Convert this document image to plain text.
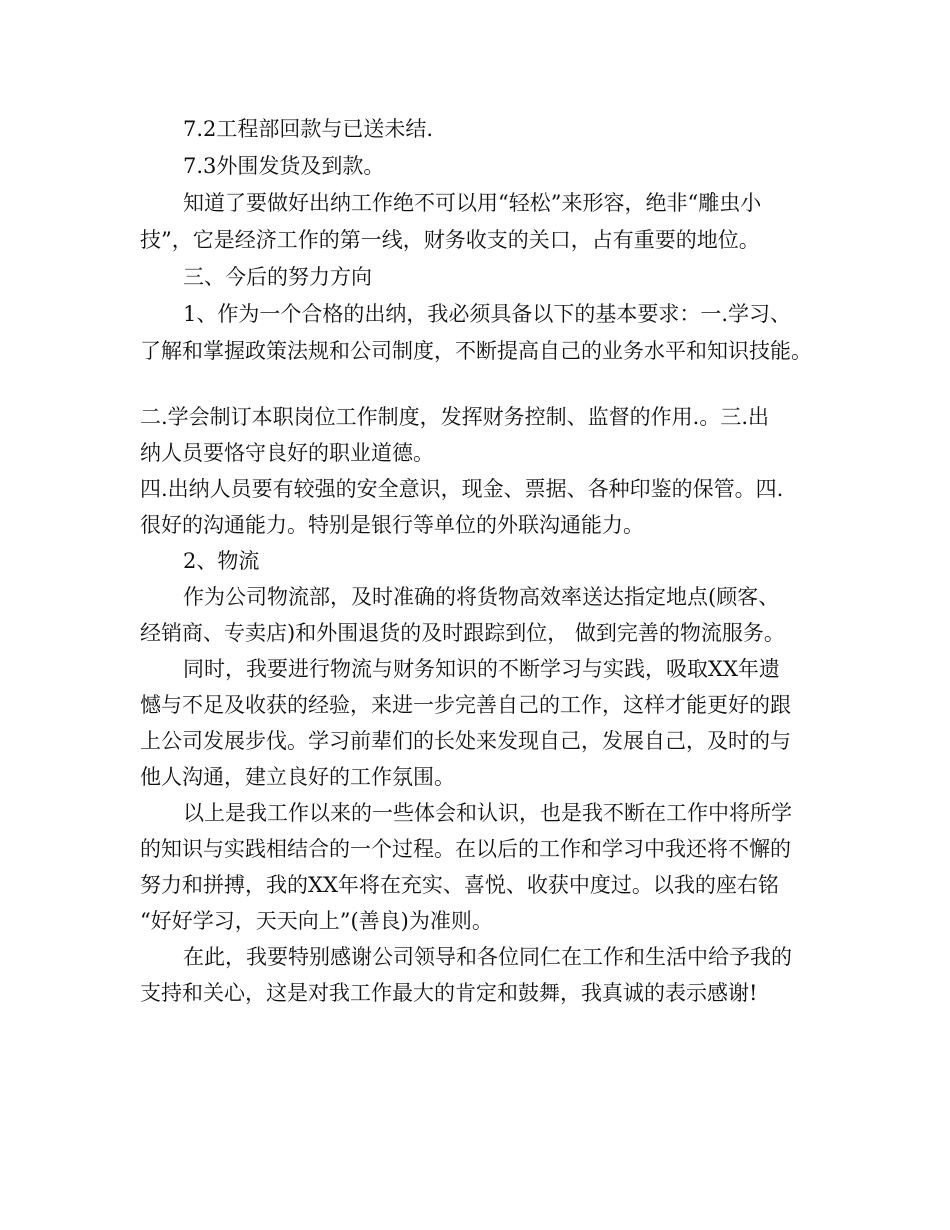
7.2工程部回款与已送未结.
7.3外围发货及到款。
知道了要做好出纳工作绝不可以用“轻松”来形容，绝非“雕虫小
技”，它是经济工作的第一线，财务收支的关口，占有重要的地位。
三、今后的努力方向
1、作为一个合格的出纳，我必须具备以下的基本要求：一.学习、
了解和掌握政策法规和公司制度，不断提高自己的业务水平和知识技能。
二.学会制订本职岗位工作制度，发挥财务控制、监督的作用.。三.出
纳人员要恪守良好的职业道德。
四.出纳人员要有较强的安全意识，现金、票据、各种印鉴的保管。四.
很好的沟通能力。特别是银行等单位的外联沟通能力。
2、物流
作为公司物流部，及时准确的将货物高效率送达指定地点(顾客、
经销商、专卖店)和外围退货的及时跟踪到位， 做到完善的物流服务。
同时，我要进行物流与财务知识的不断学习与实践，吸取XX年遗
憾与不足及收获的经验，来进一步完善自己的工作，这样才能更好的跟
上公司发展步伐。学习前辈们的长处来发现自己，发展自己，及时的与
他人沟通，建立良好的工作氛围。
以上是我工作以来的一些体会和认识，也是我不断在工作中将所学
的知识与实践相结合的一个过程。在以后的工作和学习中我还将不懈的
努力和拼搏，我的XX年将在充实、喜悦、收获中度过。以我的座右铭
“好好学习，天天向上”(善良)为准则。
在此，我要特别感谢公司领导和各位同仁在工作和生活中给予我的
支持和关心，这是对我工作最大的肯定和鼓舞，我真诚的表示感谢!
